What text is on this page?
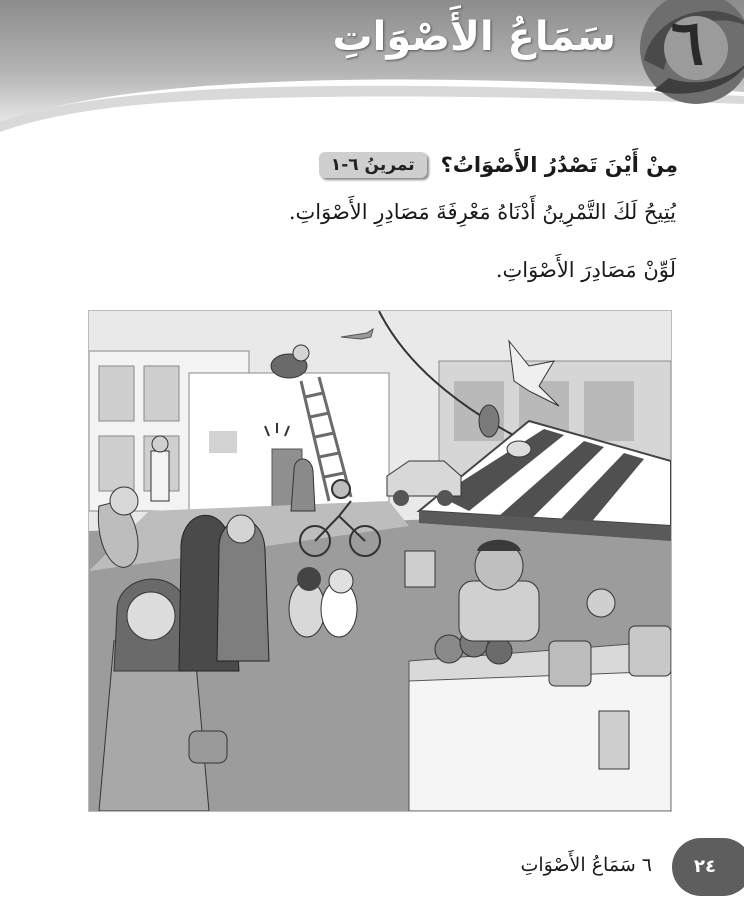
٦
سَمَاعُ الأَصْوَاتِ
تمرينُ ٦-١	مِنْ أَيْنَ تَصْدُرُ الأَصْوَاتُ؟
يُتِيحُ لَكَ التَّمْرِينُ أَدْنَاهُ مَعْرِفَةَ مَصَادِرِ الأَصْوَاتِ.
لَوِّنْ مَصَادِرَ الأَصْوَاتِ.
٦ سَمَاعُ الأَصْوَاتِ ٢٤
